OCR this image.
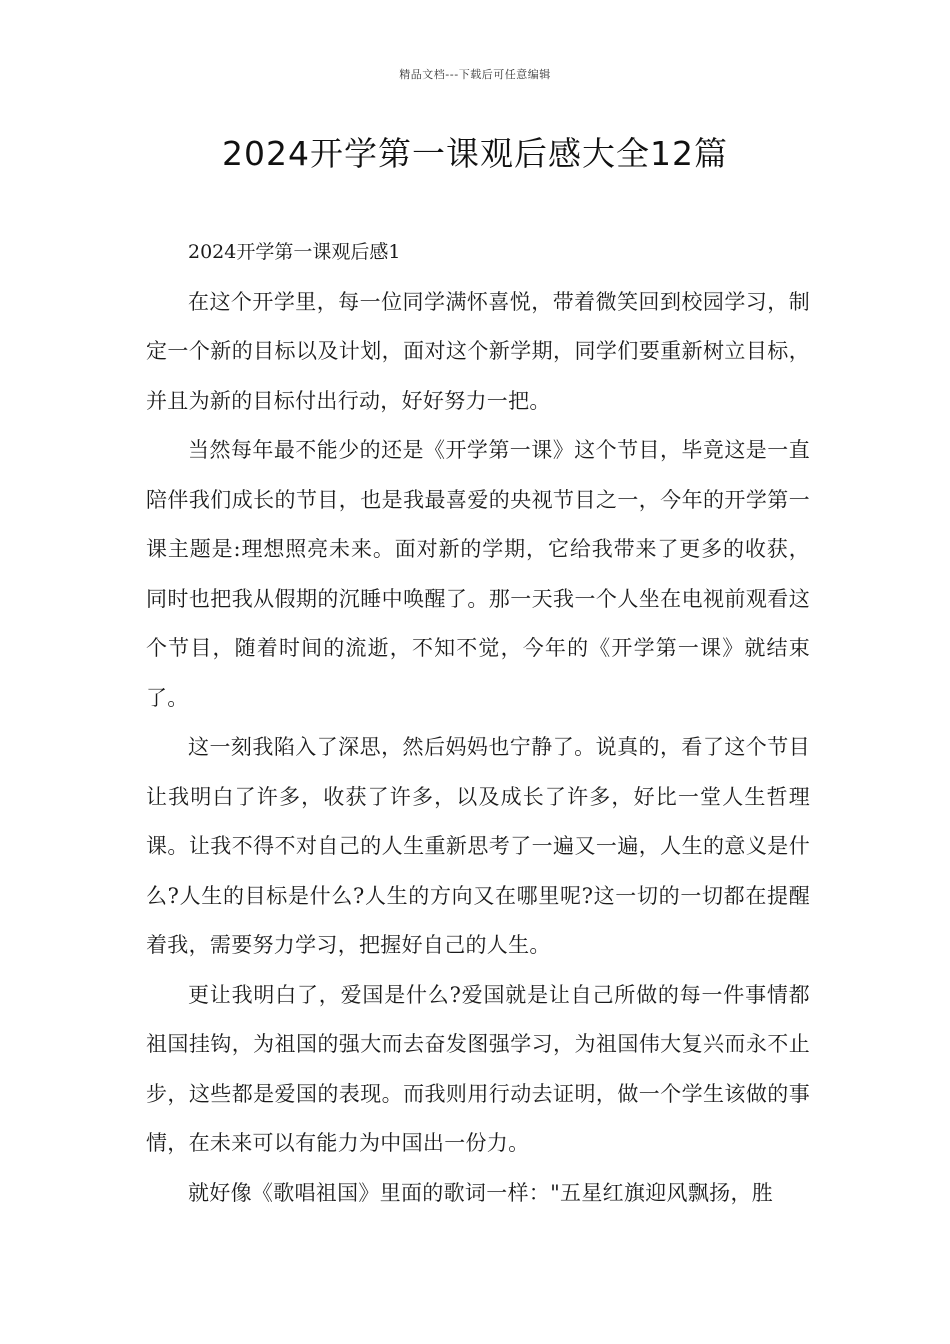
精品文档---下载后可任意编辑
2024开学第一课观后感大全12篇

2024开学第一课观后感1

在这个开学里，每一位同学满怀喜悦，带着微笑回到校园学习，制定一个新的目标以及计划，面对这个新学期，同学们要重新树立目标，并且为新的目标付出行动，好好努力一把。

当然每年最不能少的还是《开学第一课》这个节目，毕竟这是一直陪伴我们成长的节目，也是我最喜爱的央视节目之一，今年的开学第一课主题是:理想照亮未来。面对新的学期，它给我带来了更多的收获，同时也把我从假期的沉睡中唤醒了。那一天我一个人坐在电视前观看这个节目，随着时间的流逝，不知不觉，今年的《开学第一课》就结束了。

这一刻我陷入了深思，然后妈妈也宁静了。说真的，看了这个节目让我明白了许多，收获了许多，以及成长了许多，好比一堂人生哲理课。让我不得不对自己的人生重新思考了一遍又一遍，人生的意义是什么?人生的目标是什么?人生的方向又在哪里呢?这一切的一切都在提醒着我，需要努力学习，把握好自己的人生。

更让我明白了，爱国是什么?爱国就是让自己所做的每一件事情都祖国挂钩，为祖国的强大而去奋发图强学习，为祖国伟大复兴而永不止步，这些都是爱国的表现。而我则用行动去证明，做一个学生该做的事情，在未来可以有能力为中国出一份力。

就好像《歌唱祖国》里面的歌词一样："五星红旗迎风飘扬，胜
